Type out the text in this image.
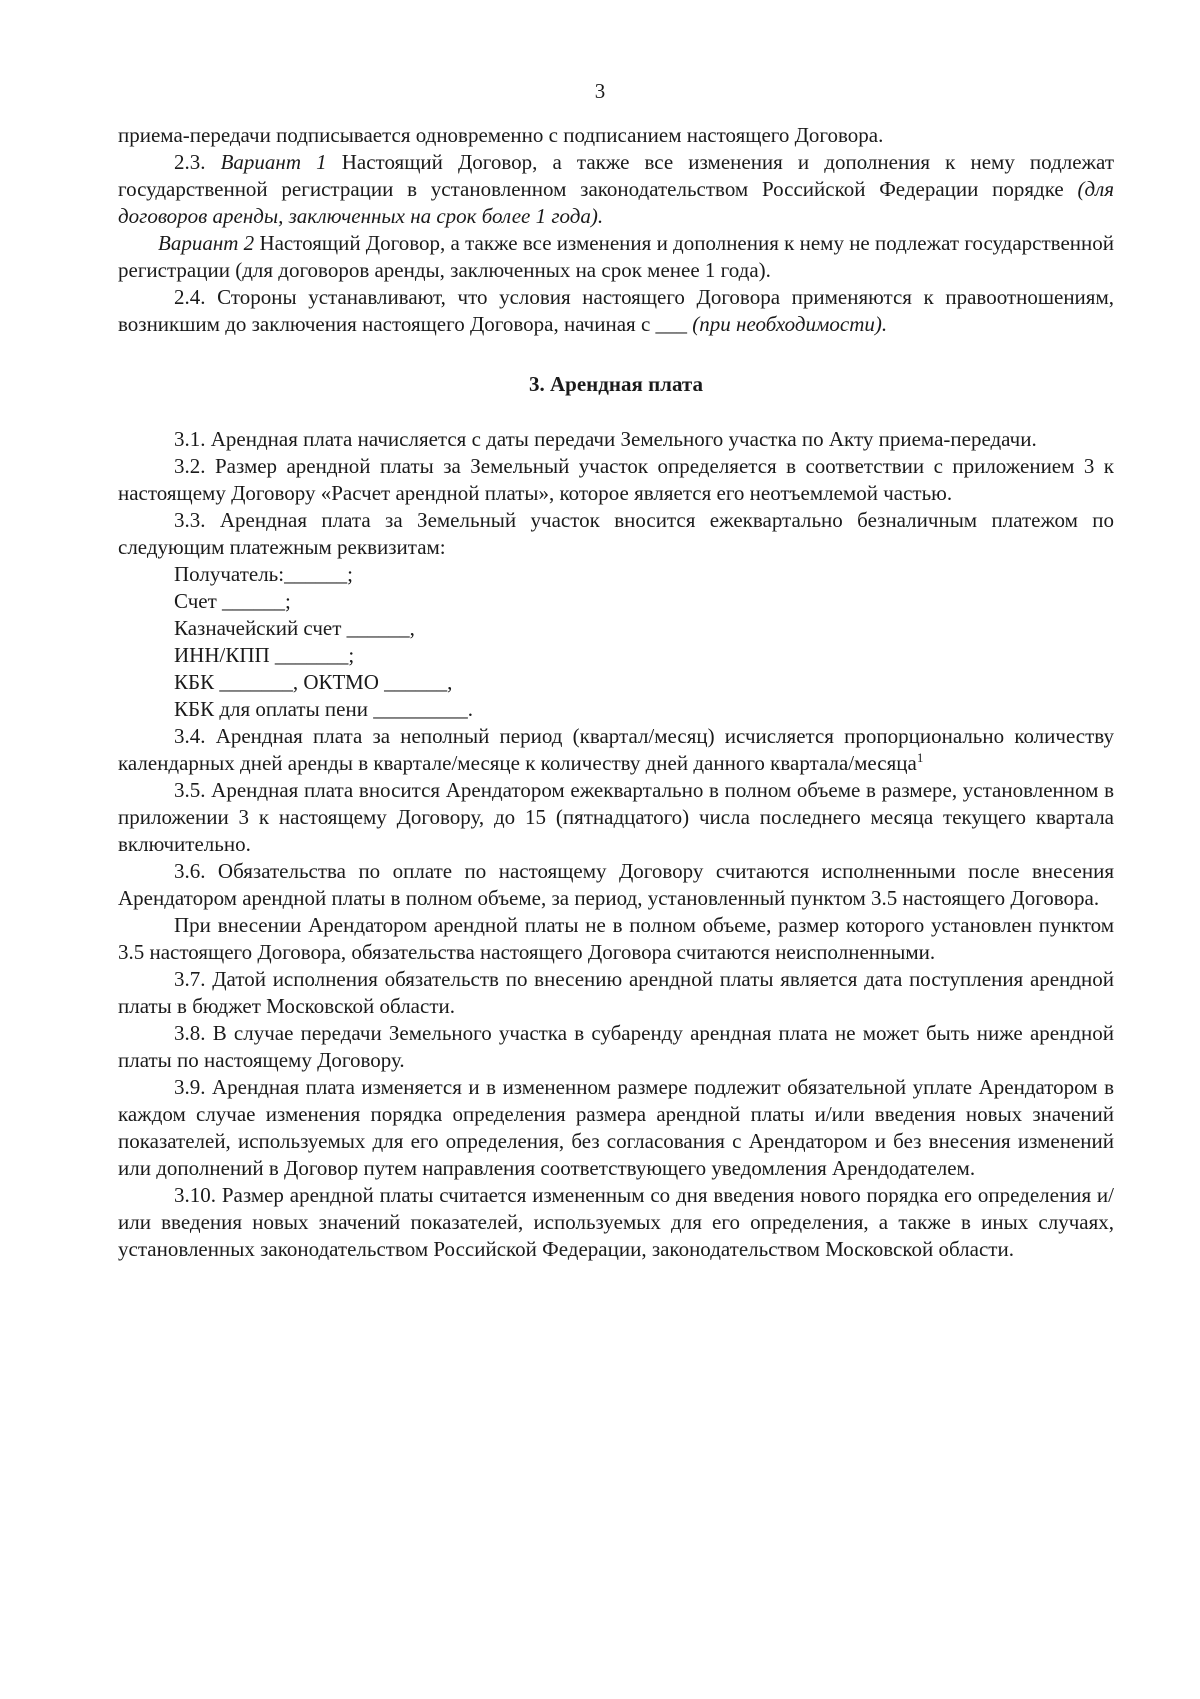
3

приема-передачи подписывается одновременно с подписанием настоящего Договора.

2.3. Вариант 1 Настоящий Договор, а также все изменения и дополнения к нему подлежат государственной регистрации в установленном законодательством Российской Федерации порядке (для договоров аренды, заключенных на срок более 1 года).

Вариант 2 Настоящий Договор, а также все изменения и дополнения к нему не подлежат государственной регистрации (для договоров аренды, заключенных на срок менее 1 года).

2.4. Стороны устанавливают, что условия настоящего Договора применяются к правоотношениям, возникшим до заключения настоящего Договора, начиная с ___ (при необходимости).

3. Арендная плата

3.1. Арендная плата начисляется с даты передачи Земельного участка по Акту приема-передачи.

3.2. Размер арендной платы за Земельный участок определяется в соответствии с приложением 3 к настоящему Договору «Расчет арендной платы», которое является его неотъемлемой частью.

3.3. Арендная плата за Земельный участок вносится ежеквартально безналичным платежом по следующим платежным реквизитам:

Получатель:______;

Счет ______;

Казначейский счет ______,

ИНН/КПП _______;

КБК _______, ОКТМО ______,

КБК для оплаты пени _________.

3.4. Арендная плата за неполный период (квартал/месяц) исчисляется пропорционально количеству календарных дней аренды в квартале/месяце к количеству дней данного квартала/месяца$^1$

3.5. Арендная плата вносится Арендатором ежеквартально в полном объеме в размере, установленном в приложении 3 к настоящему Договору, до 15 (пятнадцатого) числа последнего месяца текущего квартала включительно.

3.6. Обязательства по оплате по настоящему Договору считаются исполненными после внесения Арендатором арендной платы в полном объеме, за период, установленный пунктом 3.5 настоящего Договора.

При внесении Арендатором арендной платы не в полном объеме, размер которого установлен пунктом 3.5 настоящего Договора, обязательства настоящего Договора считаются неисполненными.

3.7. Датой исполнения обязательств по внесению арендной платы является дата поступления арендной платы в бюджет Московской области.

3.8. В случае передачи Земельного участка в субаренду арендная плата не может быть ниже арендной платы по настоящему Договору.

3.9. Арендная плата изменяется и в измененном размере подлежит обязательной уплате Арендатором в каждом случае изменения порядка определения размера арендной платы и/или введения новых значений показателей, используемых для его определения, без согласования с Арендатором и без внесения изменений или дополнений в Договор путем направления соответствующего уведомления Арендодателем.

3.10. Размер арендной платы считается измененным со дня введения нового порядка его определения и/или введения новых значений показателей, используемых для его определения, а также в иных случаях, установленных законодательством Российской Федерации, законодательством Московской области.
